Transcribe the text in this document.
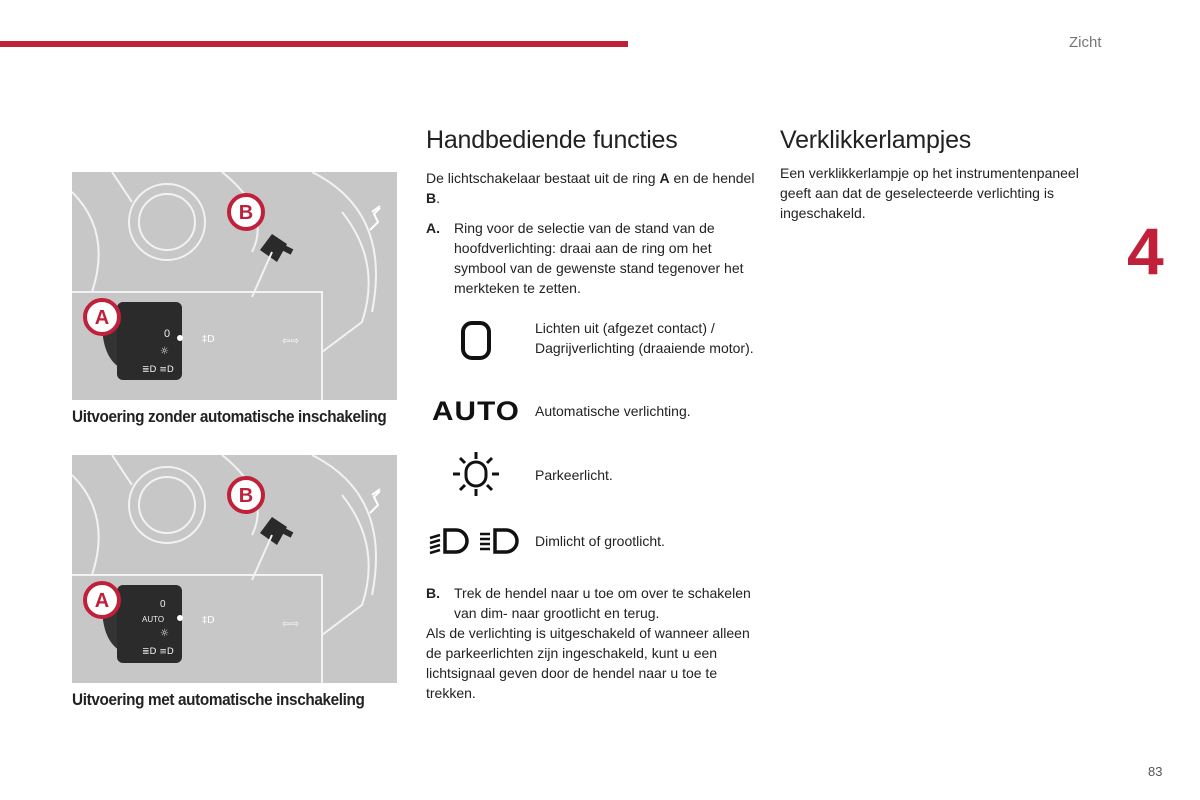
Zicht
4
83
0
☼
≣D ≡D
‡D	⇦⇨
B
A
Uitvoering zonder automatische inschakeling
0
AUTO
☼
≣D ≡D
‡D	⇦⇨
B
A
Uitvoering met automatische inschakeling
Handbediende functies

De lichtschakelaar bestaat uit de ring A en de hendel B.

A. Ring voor de selectie van de stand van de hoofdverlichting: draai aan de ring om het symbool van de gewenste stand tegenover het merkteken te zetten.
Lichten uit (afgezet contact) / Dagrijverlichting (draaiende motor).
AUTO Automatische verlichting.
Parkeerlicht.
Dimlicht of grootlicht.
B. Trek de hendel naar u toe om over te schakelen van dim- naar grootlicht en terug.

Als de verlichting is uitgeschakeld of wanneer alleen de parkeerlichten zijn ingeschakeld, kunt u een lichtsignaal geven door de hendel naar u toe te trekken.

Verklikkerlampjes

Een verklikkerlampje op het instrumentenpaneel geeft aan dat de geselecteerde verlichting is ingeschakeld.
